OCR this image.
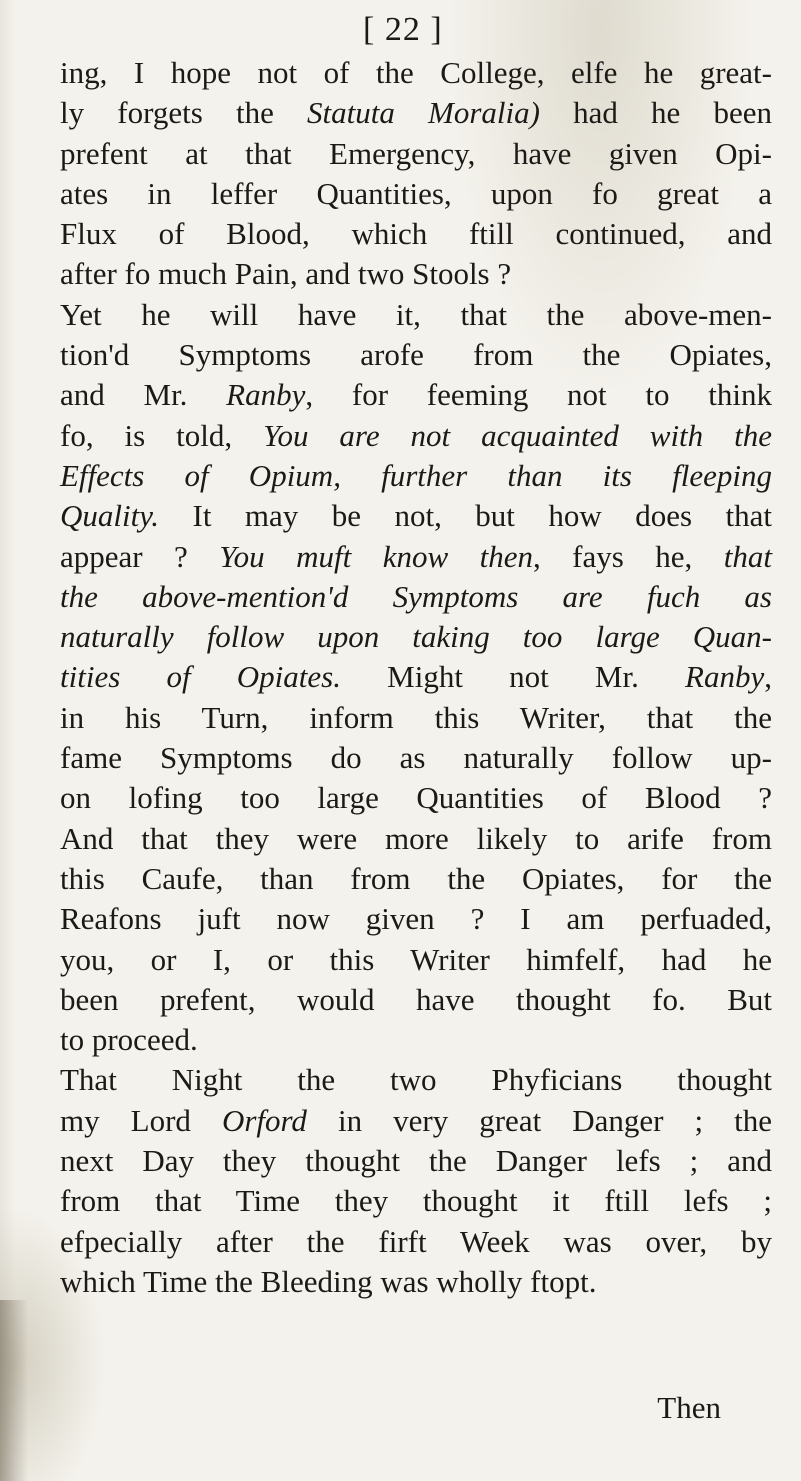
[ 22 ]
ing, I hope not of the College, elfe he great-
ly forgets the Statuta Moralia) had he been
prefent at that Emergency, have given Opi-
ates in leffer Quantities, upon fo great a
Flux of Blood, which ftill continued, and
after fo much Pain, and two Stools ?
Yet he will have it, that the above-men-
tion'd Symptoms arofe from the Opiates,
and Mr. Ranby, for feeming not to think
fo, is told, You are not acquainted with the
Effects of Opium, further than its fleeping
Quality. It may be not, but how does that
appear ? You muft know then, fays he, that
the above-mention'd Symptoms are fuch as
naturally follow upon taking too large Quan-
tities of Opiates. Might not Mr. Ranby,
in his Turn, inform this Writer, that the
fame Symptoms do as naturally follow up-
on lofing too large Quantities of Blood ?
And that they were more likely to arife from
this Caufe, than from the Opiates, for the
Reafons juft now given ? I am perfuaded,
you, or I, or this Writer himfelf, had he
been prefent, would have thought fo. But
to proceed.
That Night the two Phyficians thought
my Lord Orford in very great Danger ; the
next Day they thought the Danger lefs ; and
from that Time they thought it ftill lefs ;
efpecially after the firft Week was over, by
which Time the Bleeding was wholly ftopt.
Then
